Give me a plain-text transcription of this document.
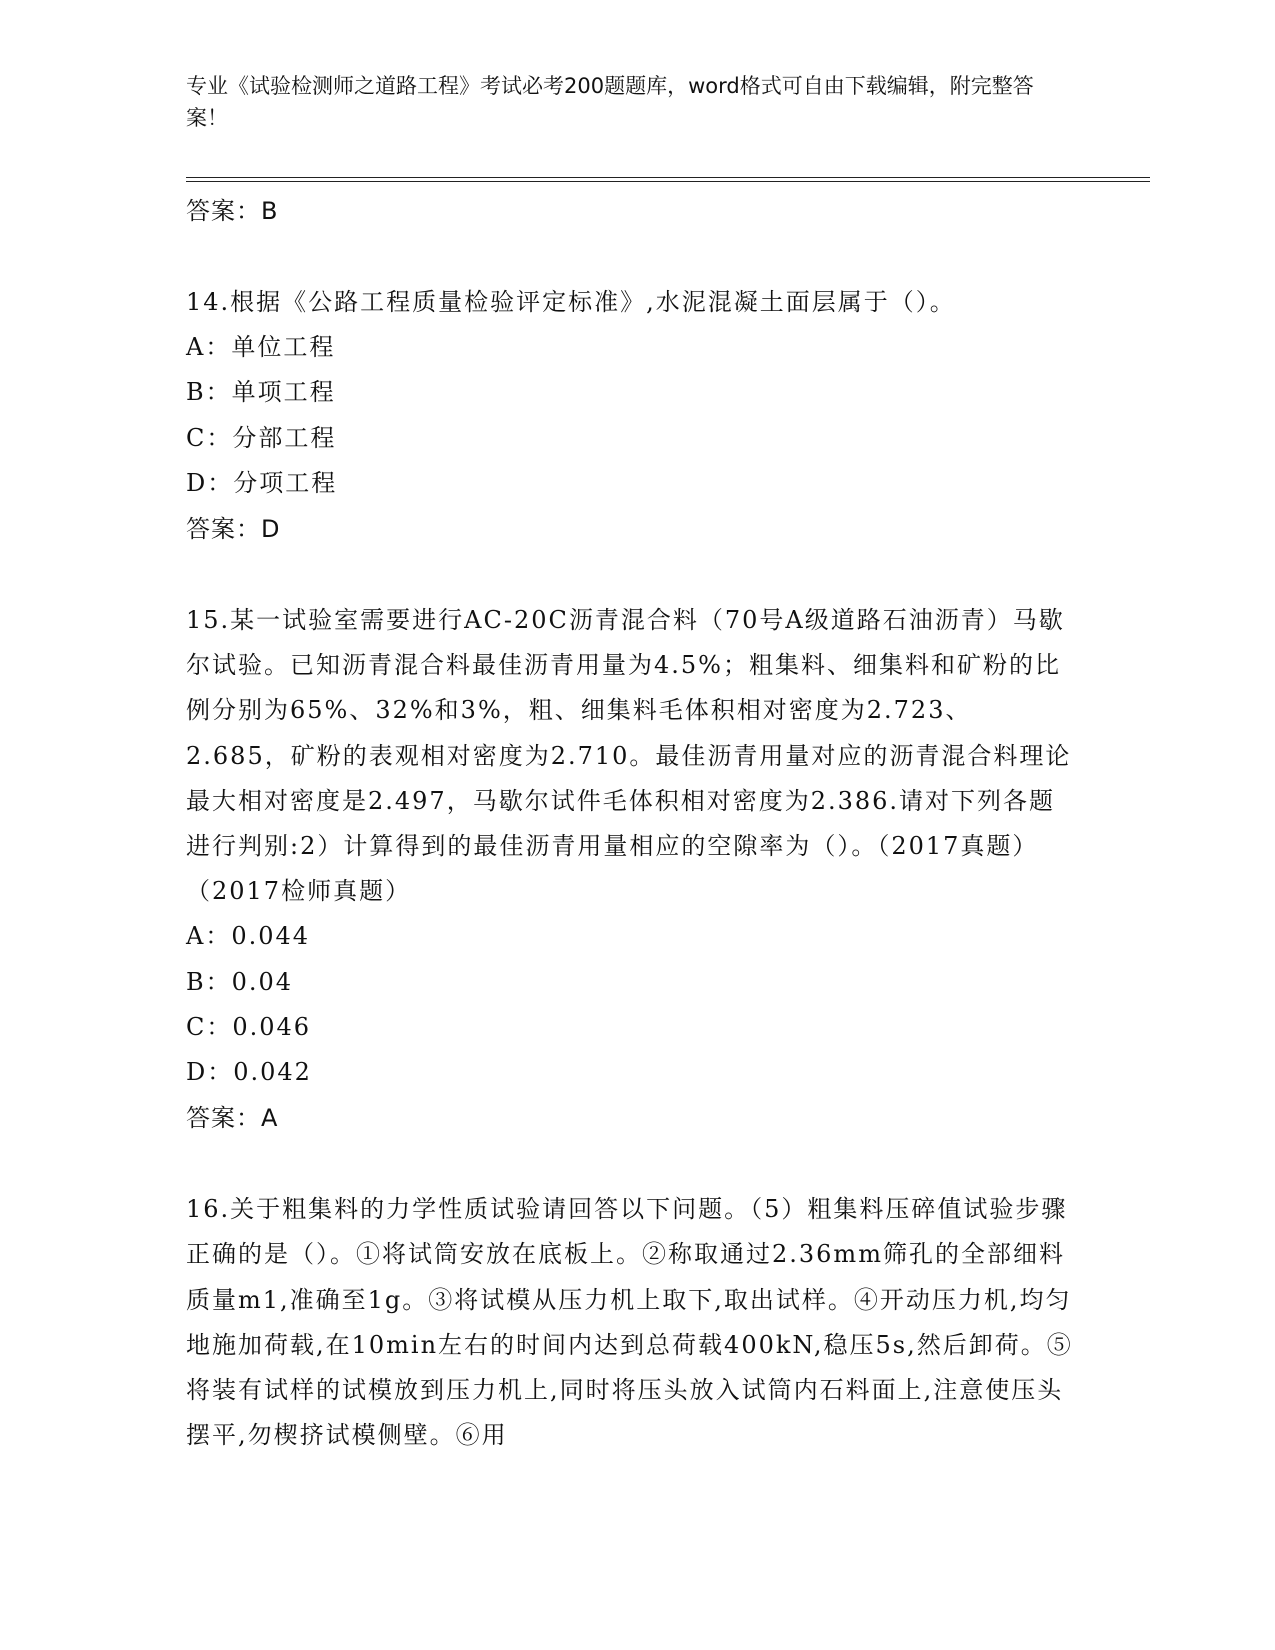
专业《试验检测师之道路工程》考试必考200题题库，word格式可自由下载编辑，附完整答案！
答案：B

14.根据《公路工程质量检验评定标准》,水泥混凝土面层属于（）。

A：单位工程
B：单项工程
C：分部工程
D：分项工程
答案：D

15.某一试验室需要进行AC-20C沥青混合料（70号A级道路石油沥青）马歇尔试验。已知沥青混合料最佳沥青用量为4.5%；粗集料、细集料和矿粉的比例分别为65%、32%和3%，粗、细集料毛体积相对密度为2.723、2.685，矿粉的表观相对密度为2.710。最佳沥青用量对应的沥青混合料理论最大相对密度是2.497，马歇尔试件毛体积相对密度为2.386.请对下列各题进行判别:2）计算得到的最佳沥青用量相应的空隙率为（）。（2017真题）（2017检师真题）

A：0.044
B：0.04
C：0.046
D：0.042
答案：A

16.关于粗集料的力学性质试验请回答以下问题。（5）粗集料压碎值试验步骤正确的是（）。①将试筒安放在底板上。②称取通过2.36mm筛孔的全部细料质量m1,准确至1g。③将试模从压力机上取下,取出试样。④开动压力机,均匀地施加荷载,在10min左右的时间内达到总荷载400kN,稳压5s,然后卸荷。⑤将装有试样的试模放到压力机上,同时将压头放入试筒内石料面上,注意使压头摆平,勿楔挤试模侧壁。⑥用
